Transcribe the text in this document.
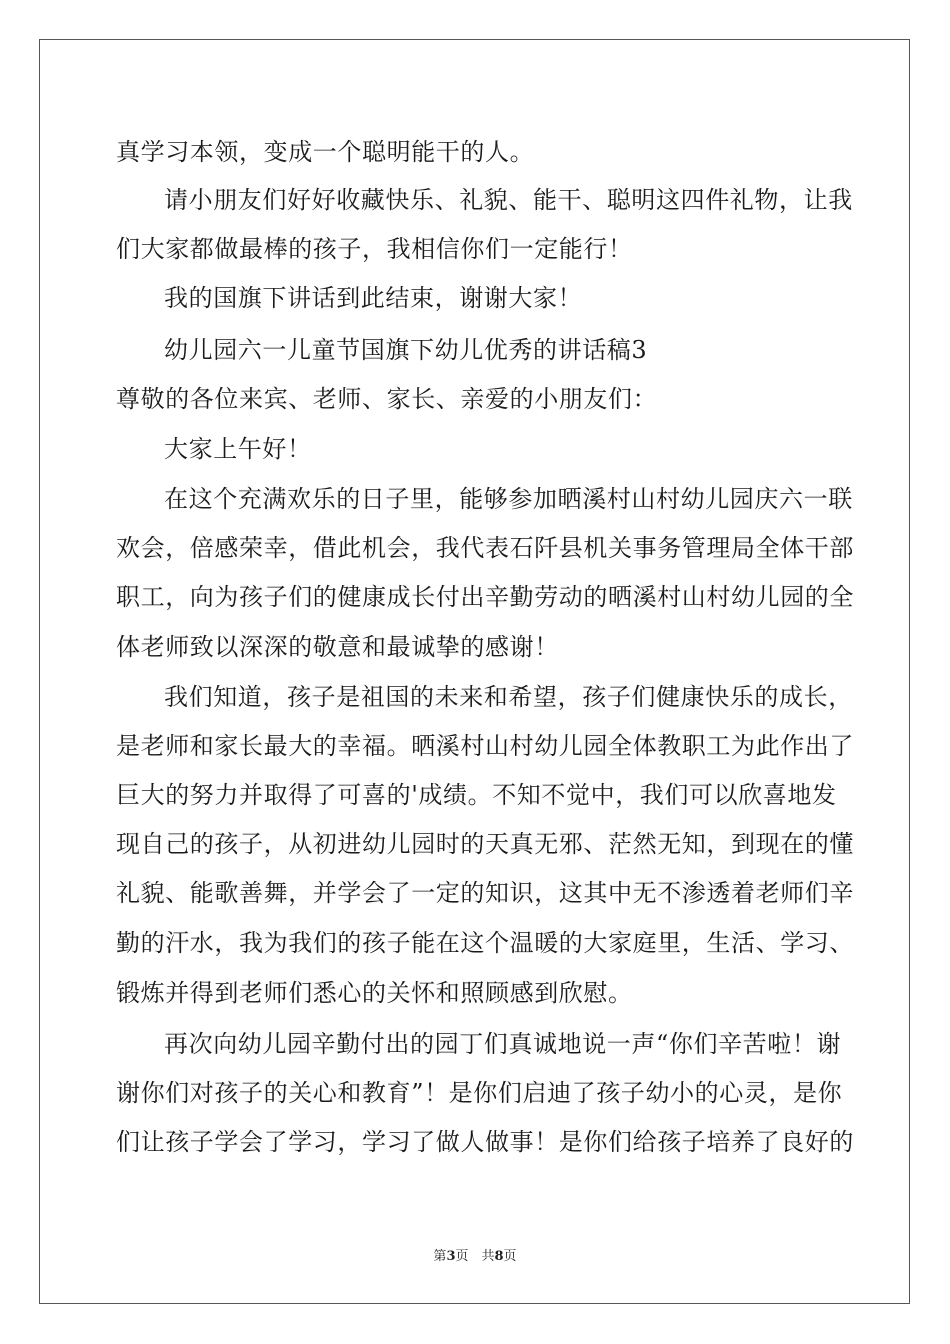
真学习本领，变成一个聪明能干的人。
请小朋友们好好收藏快乐、礼貌、能干、聪明这四件礼物，让我
们大家都做最棒的孩子，我相信你们一定能行！
我的国旗下讲话到此结束，谢谢大家！
幼儿园六一儿童节国旗下幼儿优秀的讲话稿3
尊敬的各位来宾、老师、家长、亲爱的小朋友们：
大家上午好！
在这个充满欢乐的日子里，能够参加晒溪村山村幼儿园庆六一联
欢会，倍感荣幸，借此机会，我代表石阡县机关事务管理局全体干部
职工，向为孩子们的健康成长付出辛勤劳动的晒溪村山村幼儿园的全
体老师致以深深的敬意和最诚挚的感谢！
我们知道，孩子是祖国的未来和希望，孩子们健康快乐的成长，
是老师和家长最大的幸福。晒溪村山村幼儿园全体教职工为此作出了
巨大的努力并取得了可喜的'成绩。不知不觉中，我们可以欣喜地发
现自己的孩子，从初进幼儿园时的天真无邪、茫然无知，到现在的懂
礼貌、能歌善舞，并学会了一定的知识，这其中无不渗透着老师们辛
勤的汗水，我为我们的孩子能在这个温暖的大家庭里，生活、学习、
锻炼并得到老师们悉心的关怀和照顾感到欣慰。
再次向幼儿园辛勤付出的园丁们真诚地说一声“你们辛苦啦！谢
谢你们对孩子的关心和教育”！是你们启迪了孩子幼小的心灵，是你
们让孩子学会了学习，学习了做人做事！是你们给孩子培养了良好的
第3页　共8页
